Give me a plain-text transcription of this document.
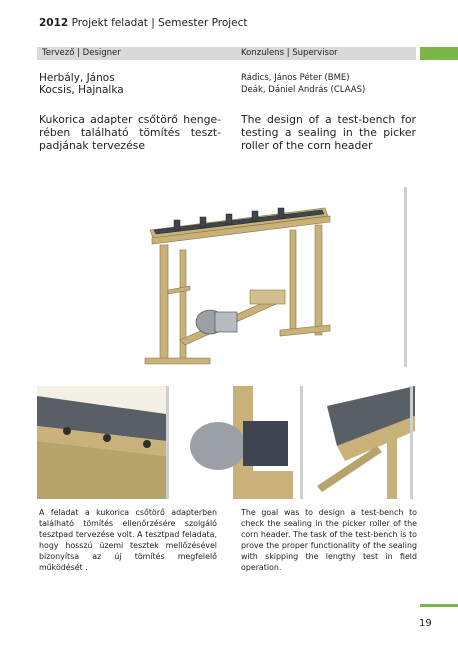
2012 Projekt feladat | Semester Project
Tervező | Designer	Konzulens | Supervisor
Herbály, János
Kocsis, Hajnalka
Rádics, János Péter (BME)
Deák, Dániel András (CLAAS)
Kukorica adapter csőtörő henge-rében található tömítés teszt-padjának tervezése
The design of a test-bench for testing a sealing in the picker roller of the corn header
A feladat a kukorica csőtörő adapterben található tömítés ellenőrzésére szolgáló tesztpad tervezése volt. A tesztpad feladata, hogy hosszú üzemi tesztek mellőzésével bizonyítsa az új tömítés megfelelő működését .
The goal was to design a test-bench to check the sealing in the picker roller of the corn header. The task of the test-bench is to prove the proper functionality of the sealing with skipping the lengthy test in field operation.
19
